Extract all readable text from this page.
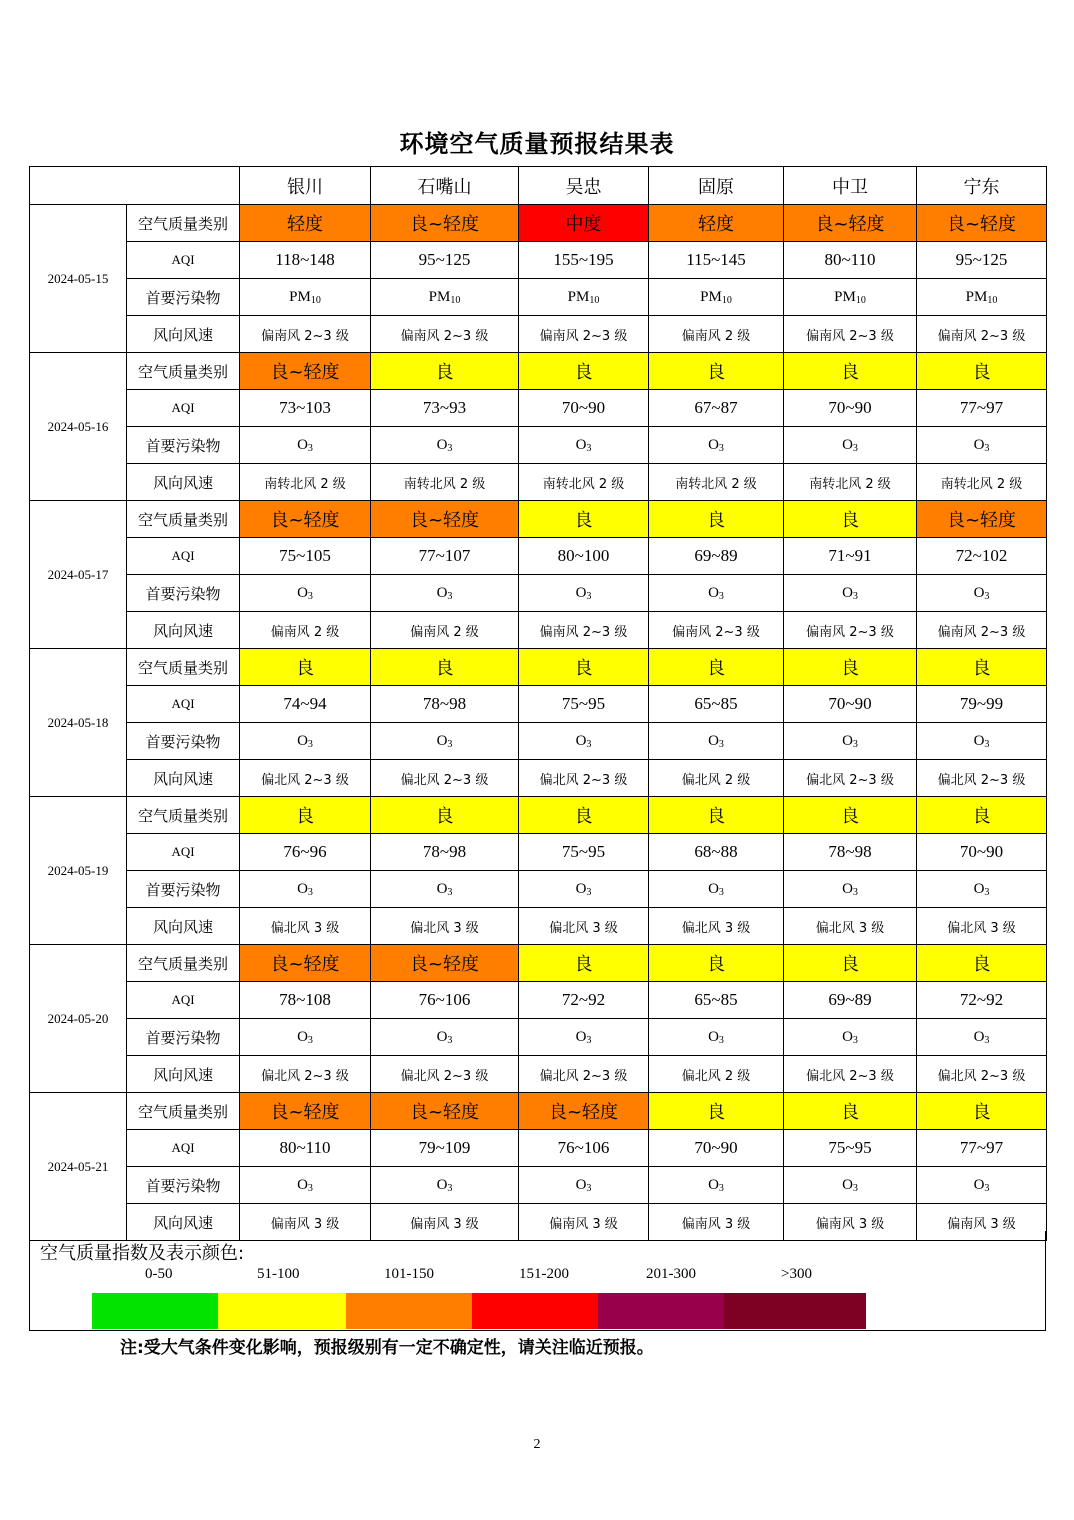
环境空气质量预报结果表
		银川	石嘴山	吴忠	固原	中卫	宁东
2024-05-15	空气质量类别	轻度	良~轻度	中度	轻度	良~轻度	良~轻度
	AQI	118~148	95~125	155~195	115~145	80~110	95~125
	首要污染物	$PM_{10}$	$PM_{10}$	$PM_{10}$	$PM_{10}$	$PM_{10}$	$PM_{10}$
	风向风速	偏南风 2~3 级	偏南风 2~3 级	偏南风 2~3 级	偏南风 2 级	偏南风 2~3 级	偏南风 2~3 级
2024-05-16	空气质量类别	良~轻度	良	良	良	良	良
	AQI	73~103	73~93	70~90	67~87	70~90	77~97
	首要污染物	$O_3$	$O_3$	$O_3$	$O_3$	$O_3$	$O_3$
	风向风速	南转北风 2 级	南转北风 2 级	南转北风 2 级	南转北风 2 级	南转北风 2 级	南转北风 2 级
2024-05-17	空气质量类别	良~轻度	良~轻度	良	良	良	良~轻度
	AQI	75~105	77~107	80~100	69~89	71~91	72~102
	首要污染物	$O_3$	$O_3$	$O_3$	$O_3$	$O_3$	$O_3$
	风向风速	偏南风 2 级	偏南风 2 级	偏南风 2~3 级	偏南风 2~3 级	偏南风 2~3 级	偏南风 2~3 级
2024-05-18	空气质量类别	良	良	良	良	良	良
	AQI	74~94	78~98	75~95	65~85	70~90	79~99
	首要污染物	$O_3$	$O_3$	$O_3$	$O_3$	$O_3$	$O_3$
	风向风速	偏北风 2~3 级	偏北风 2~3 级	偏北风 2~3 级	偏北风 2 级	偏北风 2~3 级	偏北风 2~3 级
2024-05-19	空气质量类别	良	良	良	良	良	良
	AQI	76~96	78~98	75~95	68~88	78~98	70~90
	首要污染物	$O_3$	$O_3$	$O_3$	$O_3$	$O_3$	$O_3$
	风向风速	偏北风 3 级	偏北风 3 级	偏北风 3 级	偏北风 3 级	偏北风 3 级	偏北风 3 级
2024-05-20	空气质量类别	良~轻度	良~轻度	良	良	良	良
	AQI	78~108	76~106	72~92	65~85	69~89	72~92
	首要污染物	$O_3$	$O_3$	$O_3$	$O_3$	$O_3$	$O_3$
	风向风速	偏北风 2~3 级	偏北风 2~3 级	偏北风 2~3 级	偏北风 2 级	偏北风 2~3 级	偏北风 2~3 级
2024-05-21	空气质量类别	良~轻度	良~轻度	良~轻度	良	良	良
	AQI	80~110	79~109	76~106	70~90	75~95	77~97
	首要污染物	$O_3$	$O_3$	$O_3$	$O_3$	$O_3$	$O_3$
	风向风速	偏南风 3 级	偏南风 3 级	偏南风 3 级	偏南风 3 级	偏南风 3 级	偏南风 3 级
空气质量指数及表示颜色:
0-50	51-100	101-150	151-200	201-300	>300
注:受大气条件变化影响，预报级别有一定不确定性，请关注临近预报。
2
